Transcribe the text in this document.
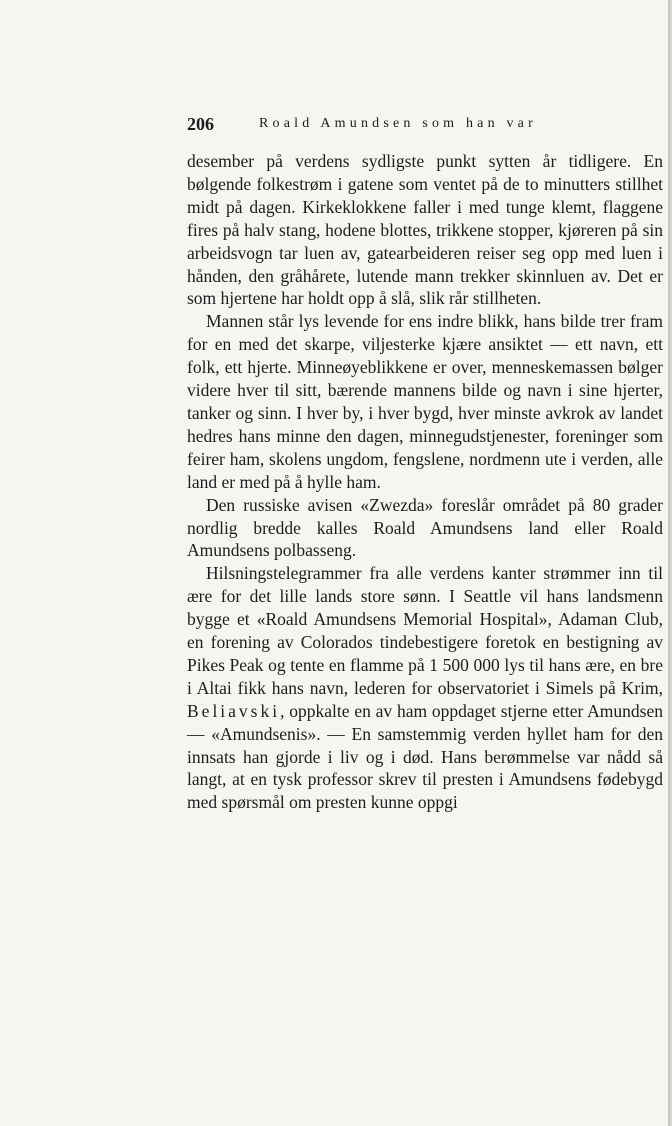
206	Roald Amundsen som han var

desember på verdens sydligste punkt sytten år tidligere. En bølgende folkestrøm i gatene som ventet på de to minutters stillhet midt på dagen. Kirkeklokkene faller i med tunge klemt, flaggene fires på halv stang, hodene blottes, trikkene stopper, kjøreren på sin arbeidsvogn tar luen av, gatearbeideren reiser seg opp med luen i hånden, den gråhårete, lutende mann trekker skinnluen av. Det er som hjertene har holdt opp å slå, slik rår stillheten.

Mannen står lys levende for ens indre blikk, hans bilde trer fram for en med det skarpe, viljesterke kjære ansiktet — ett navn, ett folk, ett hjerte. Minneøyeblikkene er over, menneskemassen bølger videre hver til sitt, bærende mannens bilde og navn i sine hjerter, tanker og sinn. I hver by, i hver bygd, hver minste avkrok av landet hedres hans minne den dagen, minnegudstjenester, foreninger som feirer ham, skolens ungdom, fengslene, nordmenn ute i verden, alle land er med på å hylle ham.

Den russiske avisen «Zwezda» foreslår området på 80 grader nordlig bredde kalles Roald Amundsens land eller Roald Amundsens polbasseng.

Hilsningstelegrammer fra alle verdens kanter strømmer inn til ære for det lille lands store sønn. I Seattle vil hans landsmenn bygge et «Roald Amundsens Memorial Hospital», Adaman Club, en forening av Colorados tindebestigere foretok en bestigning av Pikes Peak og tente en flamme på 1 500 000 lys til hans ære, en bre i Altai fikk hans navn, lederen for observatoriet i Simels på Krim, Beliavski, oppkalte en av ham oppdaget stjerne etter Amundsen — «Amundsenis». — En samstemmig verden hyllet ham for den innsats han gjorde i liv og i død. Hans berømmelse var nådd så langt, at en tysk professor skrev til presten i Amundsens fødebygd med spørsmål om presten kunne oppgi
